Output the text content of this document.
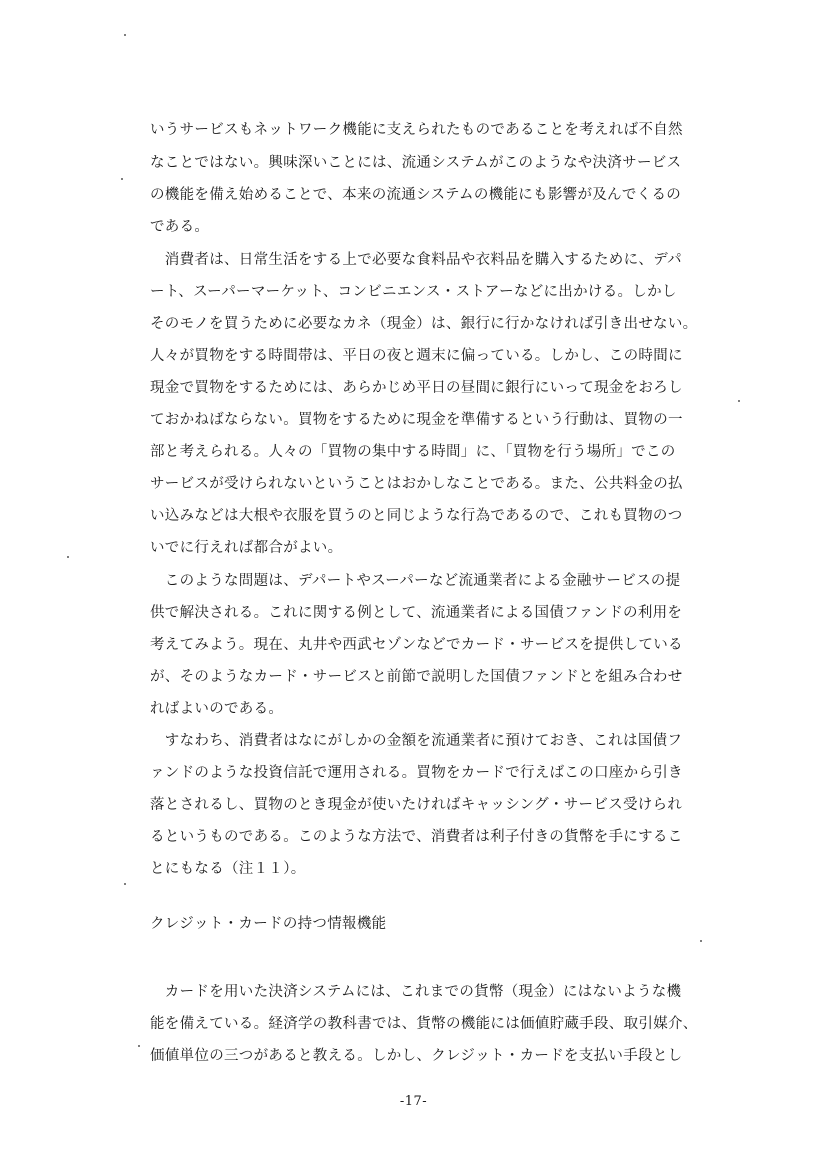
いうサービスもネットワーク機能に支えられたものであることを考えれば不自然
なことではない。興味深いことには、流通システムがこのようなや決済サービス
の機能を備え始めることで、本来の流通システムの機能にも影響が及んでくるの
である。
　消費者は、日常生活をする上で必要な食料品や衣料品を購入するために、デパ
ート、スーパーマーケット、コンビニエンス・ストアーなどに出かける。しかし
そのモノを買うために必要なカネ（現金）は、銀行に行かなければ引き出せない。
人々が買物をする時間帯は、平日の夜と週末に偏っている。しかし、この時間に
現金で買物をするためには、あらかじめ平日の昼間に銀行にいって現金をおろし
ておかねばならない。買物をするために現金を準備するという行動は、買物の一
部と考えられる。人々の「買物の集中する時間」に、「買物を行う場所」でこの
サービスが受けられないということはおかしなことである。また、公共料金の払
い込みなどは大根や衣服を買うのと同じような行為であるので、これも買物のつ
いでに行えれば都合がよい。
　このような問題は、デパートやスーパーなど流通業者による金融サービスの提
供で解決される。これに関する例として、流通業者による国債ファンドの利用を
考えてみよう。現在、丸井や西武セゾンなどでカード・サービスを提供している
が、そのようなカード・サービスと前節で説明した国債ファンドとを組み合わせ
ればよいのである。
　すなわち、消費者はなにがしかの金額を流通業者に預けておき、これは国債フ
ァンドのような投資信託で運用される。買物をカードで行えばこの口座から引き
落とされるし、買物のとき現金が使いたければキャッシング・サービス受けられ
るというものである。このような方法で、消費者は利子付きの貨幣を手にするこ
とにもなる（注１１）。
クレジット・カードの持つ情報機能
　カードを用いた決済システムには、これまでの貨幣（現金）にはないような機
能を備えている。経済学の教科書では、貨幣の機能には価値貯蔵手段、取引媒介、
価値単位の三つがあると教える。しかし、クレジット・カードを支払い手段とし
-17-
